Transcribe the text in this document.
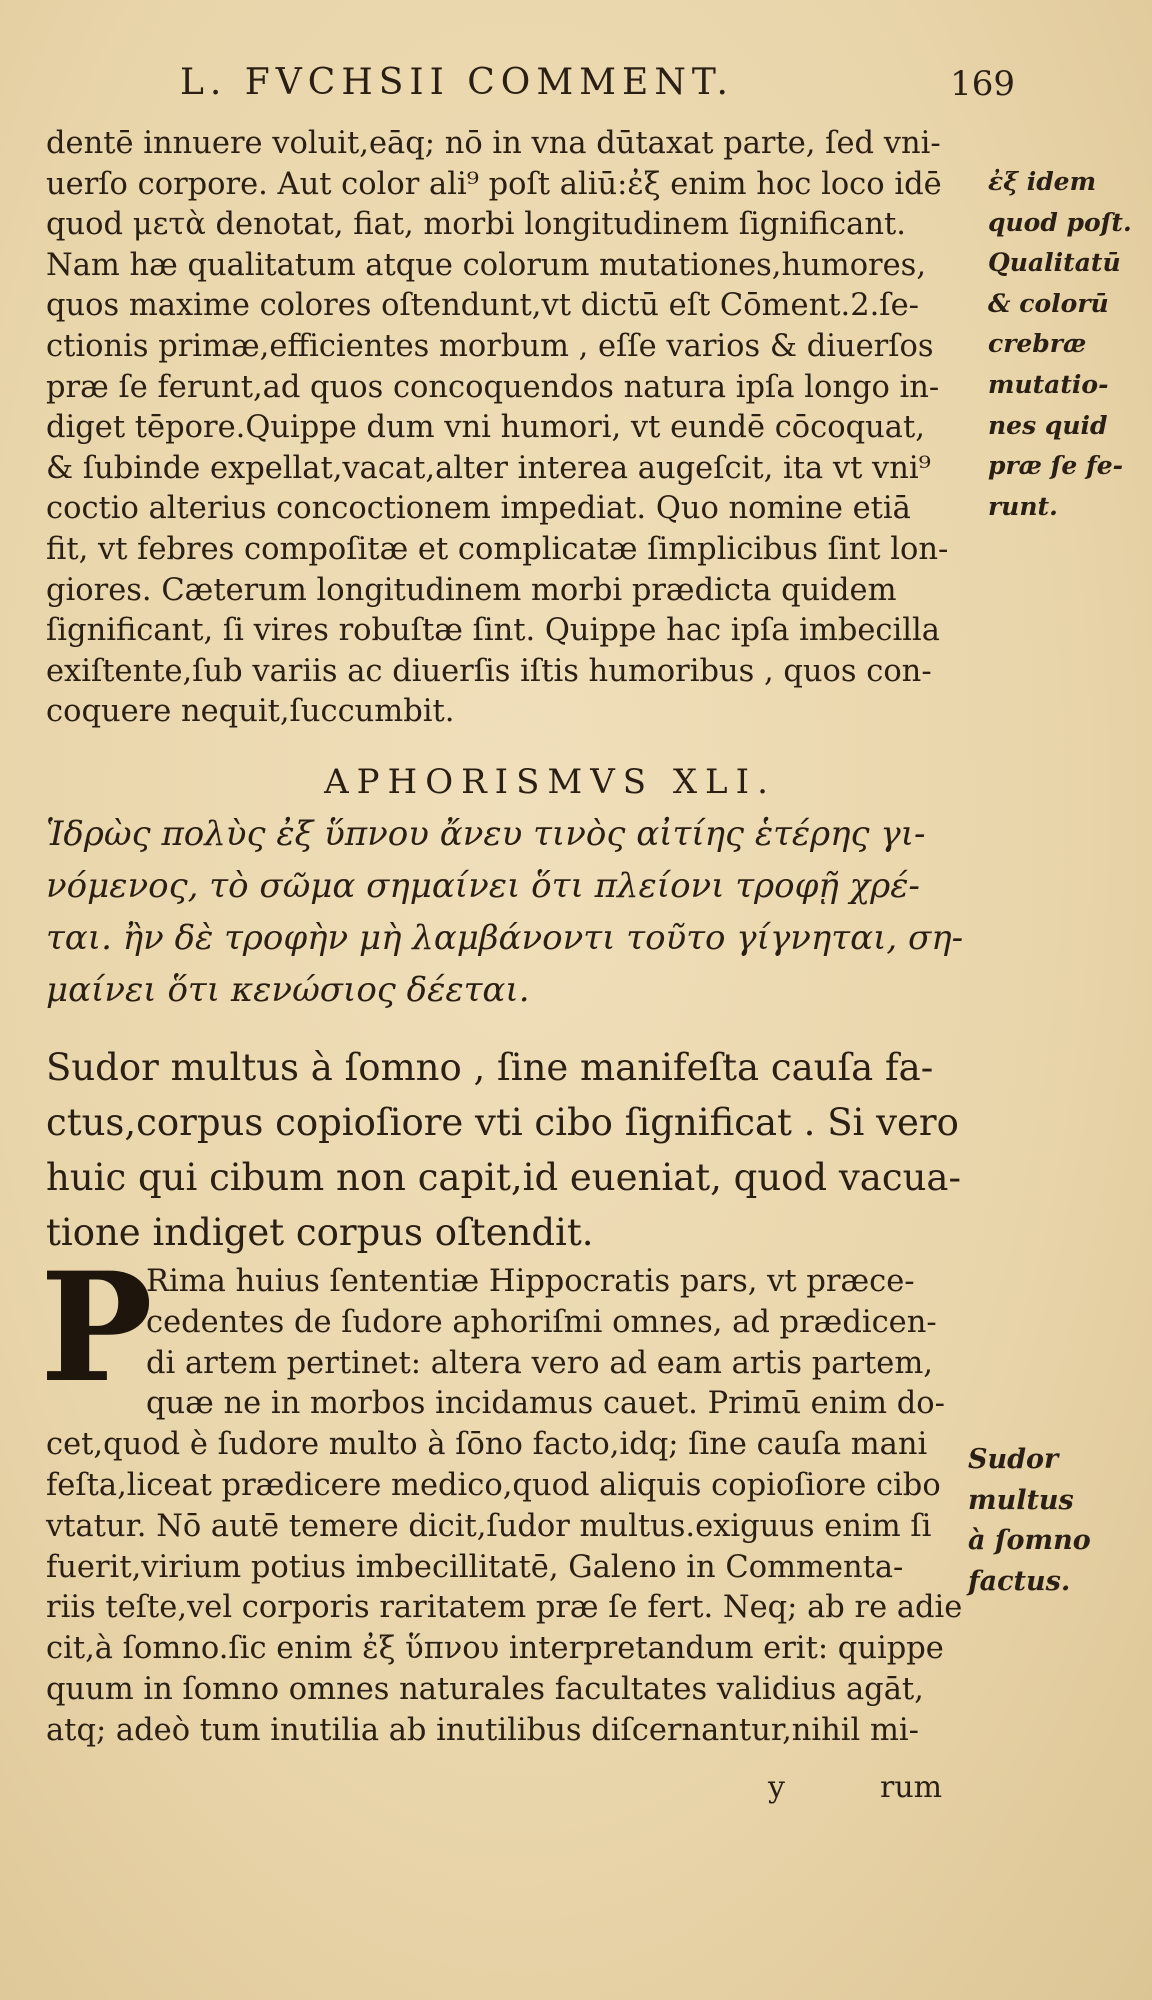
L. FVCHSII COMMENT.	169
dentē innuere voluit,eāq; nō in vna dūtaxat parte, ſed vni-
uerſo corpore. Aut color ali⁹ poſt aliū:ἐξ enim hoc loco idē
quod μετὰ denotat, fiat, morbi longitudinem ſignificant.
Nam hæ qualitatum atque colorum mutationes,humores,
quos maxime colores oſtendunt,vt dictū eſt Cōment.2.ſe-
ctionis primæ,efficientes morbum , eſſe varios & diuerſos
præ ſe ferunt,ad quos concoquendos natura ipſa longo in-
diget tēpore.Quippe dum vni humori, vt eundē cōcoquat,
& ſubinde expellat,vacat,alter interea augeſcit, ita vt vni⁹
coctio alterius concoctionem impediat. Quo nomine etiā
fit, vt febres compoſitæ et complicatæ ſimplicibus ſint lon-
giores. Cæterum longitudinem morbi prædicta quidem
ſignificant, ſi vires robuſtæ ſint. Quippe hac ipſa imbecilla
exiſtente,ſub variis ac diuerſis iſtis humoribus , quos con-
coquere nequit,ſuccumbit.
ἐξ idem
quod poſt.
Qualitatū
& colorū
crebræ
mutatio-
nes quid
præ ſe fe-
runt.
APHORISMVS XLI.
Ἱδρὼς πολὺς ἐξ ὕπνου ἄνευ τινὸς αἰτίης ἑτέρης γι-
νόμενος, τὸ σῶμα σημαίνει ὅτι πλείονι τροφῇ χρέ-
ται. ἢν δὲ τροφὴν μὴ λαμβάνοντι τοῦτο γίγνηται, ση-
μαίνει ὅτι κενώσιος δέεται.
Sudor multus à ſomno , ſine manifeſta cauſa fa-
ctus,corpus copioſiore vti cibo ſignificat . Si vero
huic qui cibum non capit,id eueniat, quod vacua-
tione indiget corpus oſtendit.
P
Rima huius ſententiæ Hippocratis pars, vt præce-
cedentes de ſudore aphoriſmi omnes, ad prædicen-
di artem pertinet: altera vero ad eam artis partem,
quæ ne in morbos incidamus cauet. Primū enim do-
cet,quod è ſudore multo à ſōno facto,idq; ſine cauſa mani
feſta,liceat prædicere medico,quod aliquis copioſiore cibo
vtatur. Nō autē temere dicit,ſudor multus.exiguus enim ſi
fuerit,virium potius imbecillitatē, Galeno in Commenta-
riis teſte,vel corporis raritatem præ ſe fert. Neq; ab re adie
cit,à ſomno.ſic enim ἐξ ὕπνου interpretandum erit: quippe
quum in ſomno omnes naturales facultates validius agāt,
atq; adeò tum inutilia ab inutilibus diſcernantur,nihil mi-
Sudor
multus
à ſomno
factus.
y	rum
